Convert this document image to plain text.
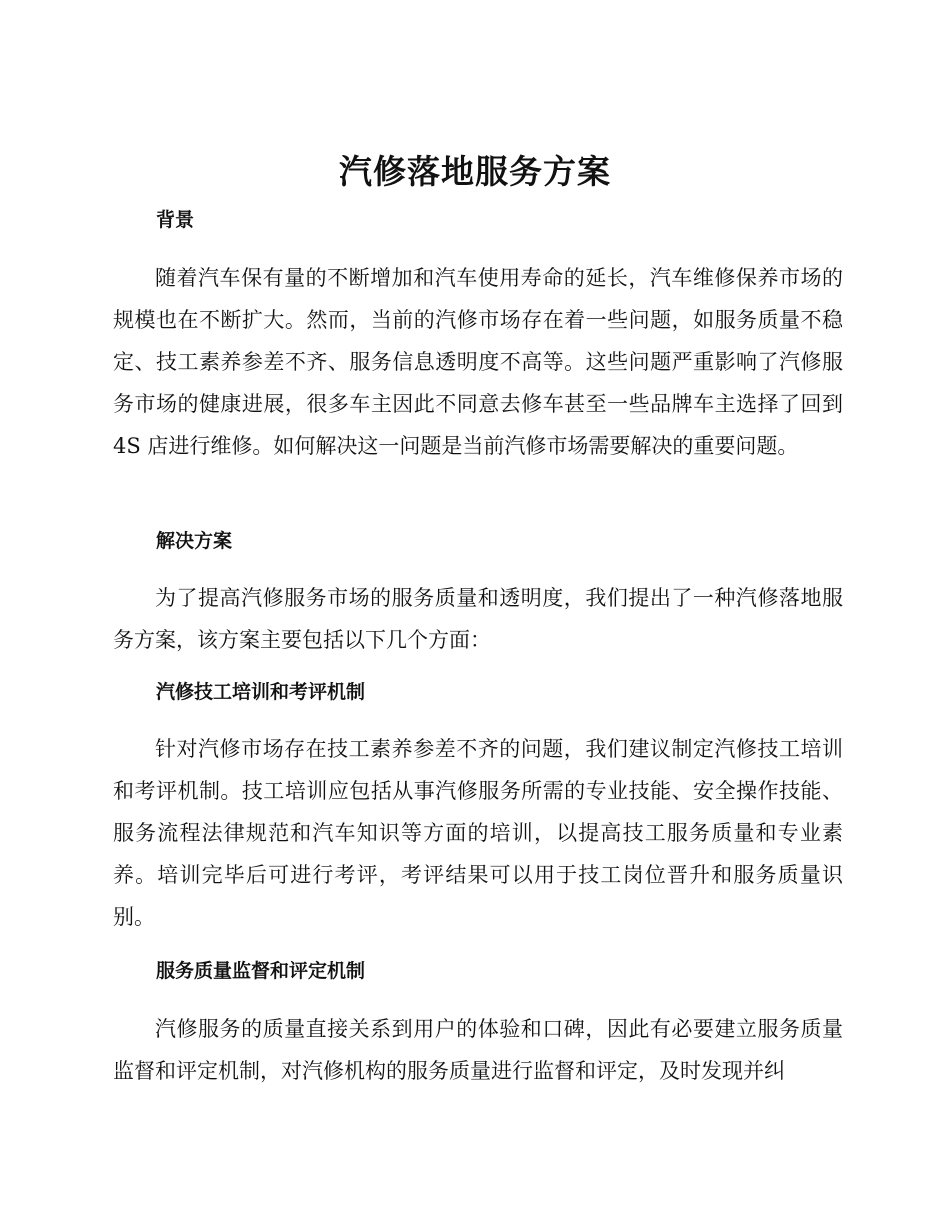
汽修落地服务方案
背景

随着汽车保有量的不断增加和汽车使用寿命的延长，汽车维修保养市场的规模也在不断扩大。然而，当前的汽修市场存在着一些问题，如服务质量不稳定、技工素养参差不齐、服务信息透明度不高等。这些问题严重影响了汽修服务市场的健康进展，很多车主因此不同意去修车甚至一些品牌车主选择了回到 4S 店进行维修。如何解决这一问题是当前汽修市场需要解决的重要问题。

解决方案

为了提高汽修服务市场的服务质量和透明度，我们提出了一种汽修落地服务方案，该方案主要包括以下几个方面：

汽修技工培训和考评机制

针对汽修市场存在技工素养参差不齐的问题，我们建议制定汽修技工培训和考评机制。技工培训应包括从事汽修服务所需的专业技能、安全操作技能、服务流程法律规范和汽车知识等方面的培训，以提高技工服务质量和专业素养。培训完毕后可进行考评，考评结果可以用于技工岗位晋升和服务质量识别。

服务质量监督和评定机制

汽修服务的质量直接关系到用户的体验和口碑，因此有必要建立服务质量监督和评定机制，对汽修机构的服务质量进行监督和评定，及时发现并纠
